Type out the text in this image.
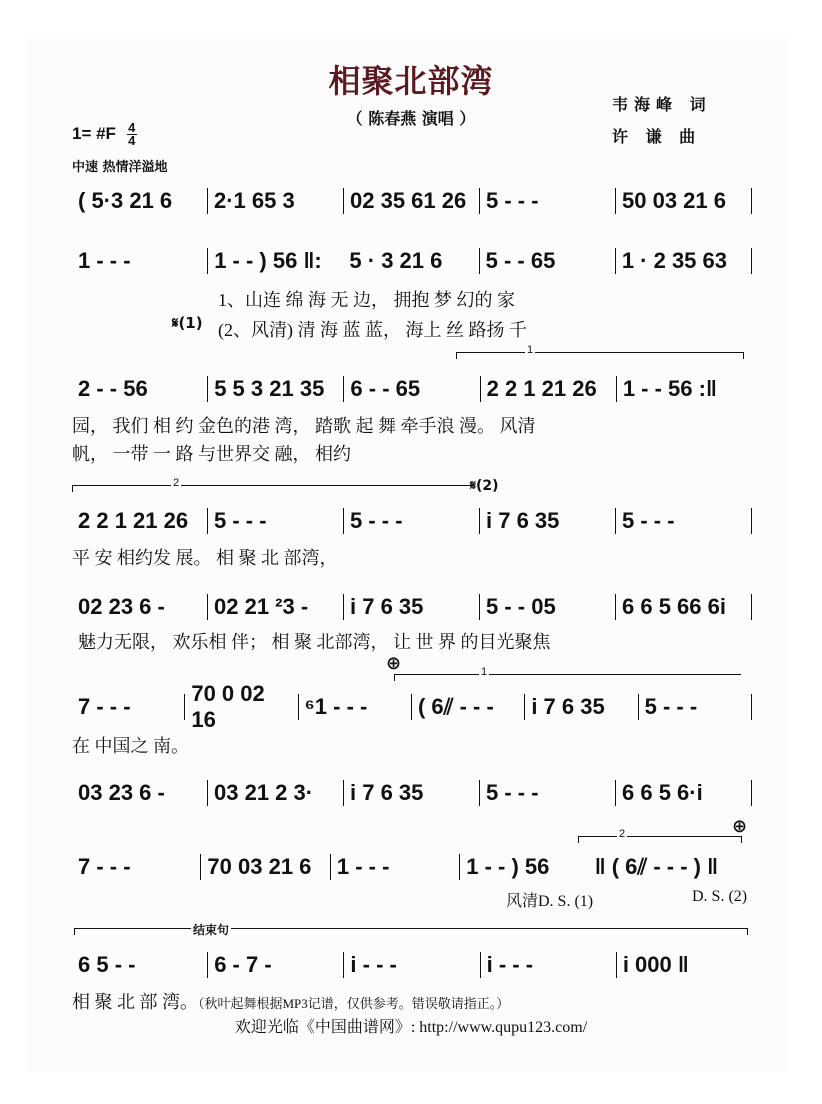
相聚北部湾
（ 陈春燕 演唱 ）
韦海峰 词
许 谦 曲
1= #F $\frac{4}{4}$
中速 热情洋溢地
( 5·3 21 6	2·1 65 3	02 35 61 26 5 - - -	50 03 21 6
1 - - -	1 - - ) 56 ‖:	5 · 3 21 6	5 - - 65	1 · 2 35 63
1、山连 绵 海 无 边， 拥抱 梦 幻的 家
𝄋(1) (2、风清) 清 海 蓝 蓝， 海上 丝 路扬 千
1
2 - - 56	5 5 3 21 35	6 - - 65	2 2 1 21 26	1 - - 56 :‖
园， 我们 相 约 金色的港 湾， 踏歌 起 舞 牵手浪 漫。 风清
帆， 一带 一 路 与世界交 融， 相约
2	𝄋(2)
2 2 1 21 26	5 - - -	5 - - -	i 7 6 35	5 - - -
平 安 相约发 展。 相 聚 北 部湾，
02 23 6 -	02 21 ²3 -	i 7 6 35	5 - - 05	6 6 5 66 6i
魅力无限， 欢乐相 伴； 相 聚 北部湾， 让 世 界 的目光聚焦
⊕	1
7 - - -
70 0 02 16
⁶1 - - -	( 6⫽ - - -	i 7 6 35	5 - - -
在 中国之 南。
03 23 6 -	03 21 2 3·	i 7 6 35	5 - - -	6 6 5 6·i
⊕
2
7 - - -	70 03 21 6	1 - - -	1 - - ) 56	‖ ( 6⫽ - - - ) ‖
风清D. S. (1)	D. S. (2)
结束句
6 5 - -	6 - 7 -	i - - -	i - - -	i 000 ‖
相 聚 北 部 湾。（秋叶起舞根据MP3记谱，仅供参考。错误敬请指正。）
欢迎光临《中国曲谱网》: http://www.qupu123.com/
